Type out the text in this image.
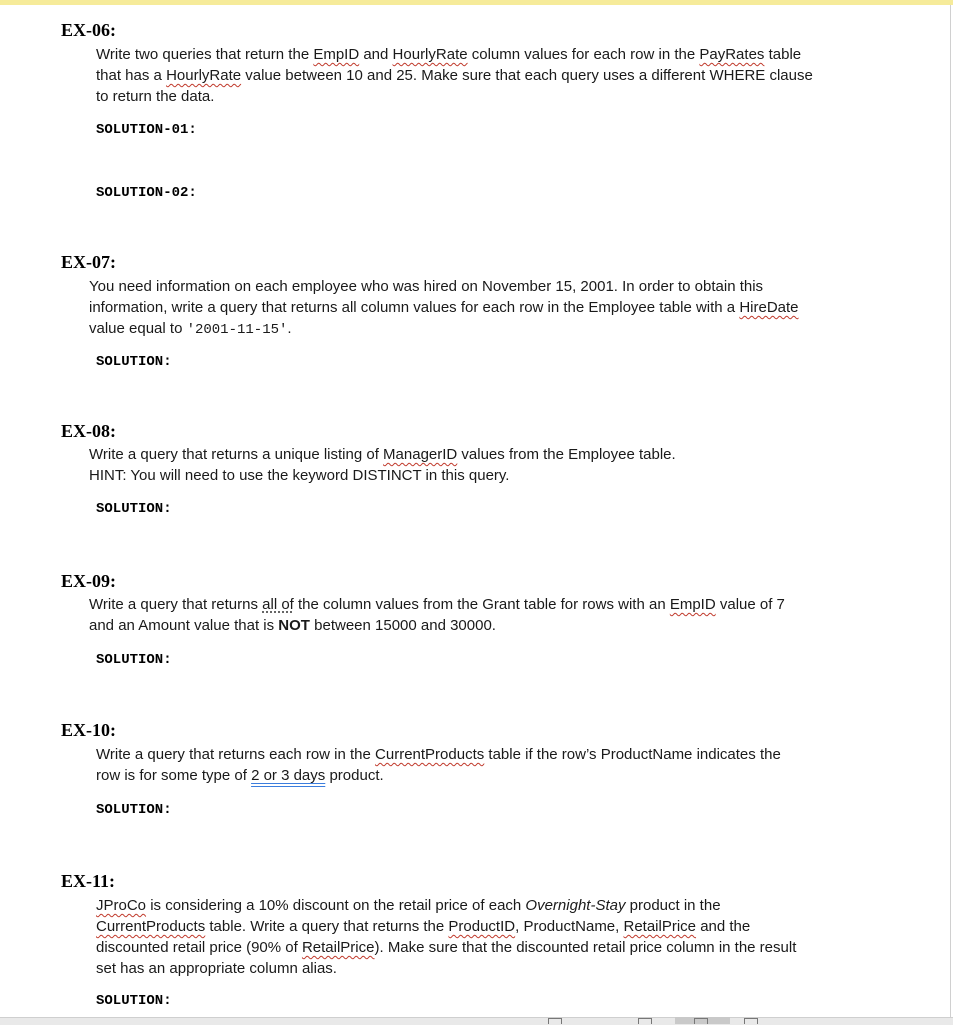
EX-06:
Write two queries that return the EmpID and HourlyRate column values for each row in the PayRates table
that has a HourlyRate value between 10 and 25. Make sure that each query uses a different WHERE clause
to return the data.
SOLUTION-01:
SOLUTION-02:
EX-07:
You need information on each employee who was hired on November 15, 2001. In order to obtain this
information, write a query that returns all column values for each row in the Employee table with a HireDate
value equal to '2001-11-15'.
SOLUTION:
EX-08:
Write a query that returns a unique listing of ManagerID values from the Employee table.
HINT: You will need to use the keyword DISTINCT in this query.
SOLUTION:
EX-09:
Write a query that returns all of the column values from the Grant table for rows with an EmpID value of 7
and an Amount value that is NOT between 15000 and 30000.
SOLUTION:
EX-10:
Write a query that returns each row in the CurrentProducts table if the row’s ProductName indicates the
row is for some type of 2 or 3 days product.
SOLUTION:
EX-11:
JProCo is considering a 10% discount on the retail price of each Overnight-Stay product in the
CurrentProducts table. Write a query that returns the ProductID, ProductName, RetailPrice and the
discounted retail price (90% of RetailPrice). Make sure that the discounted retail price column in the result
set has an appropriate column alias.
SOLUTION:
